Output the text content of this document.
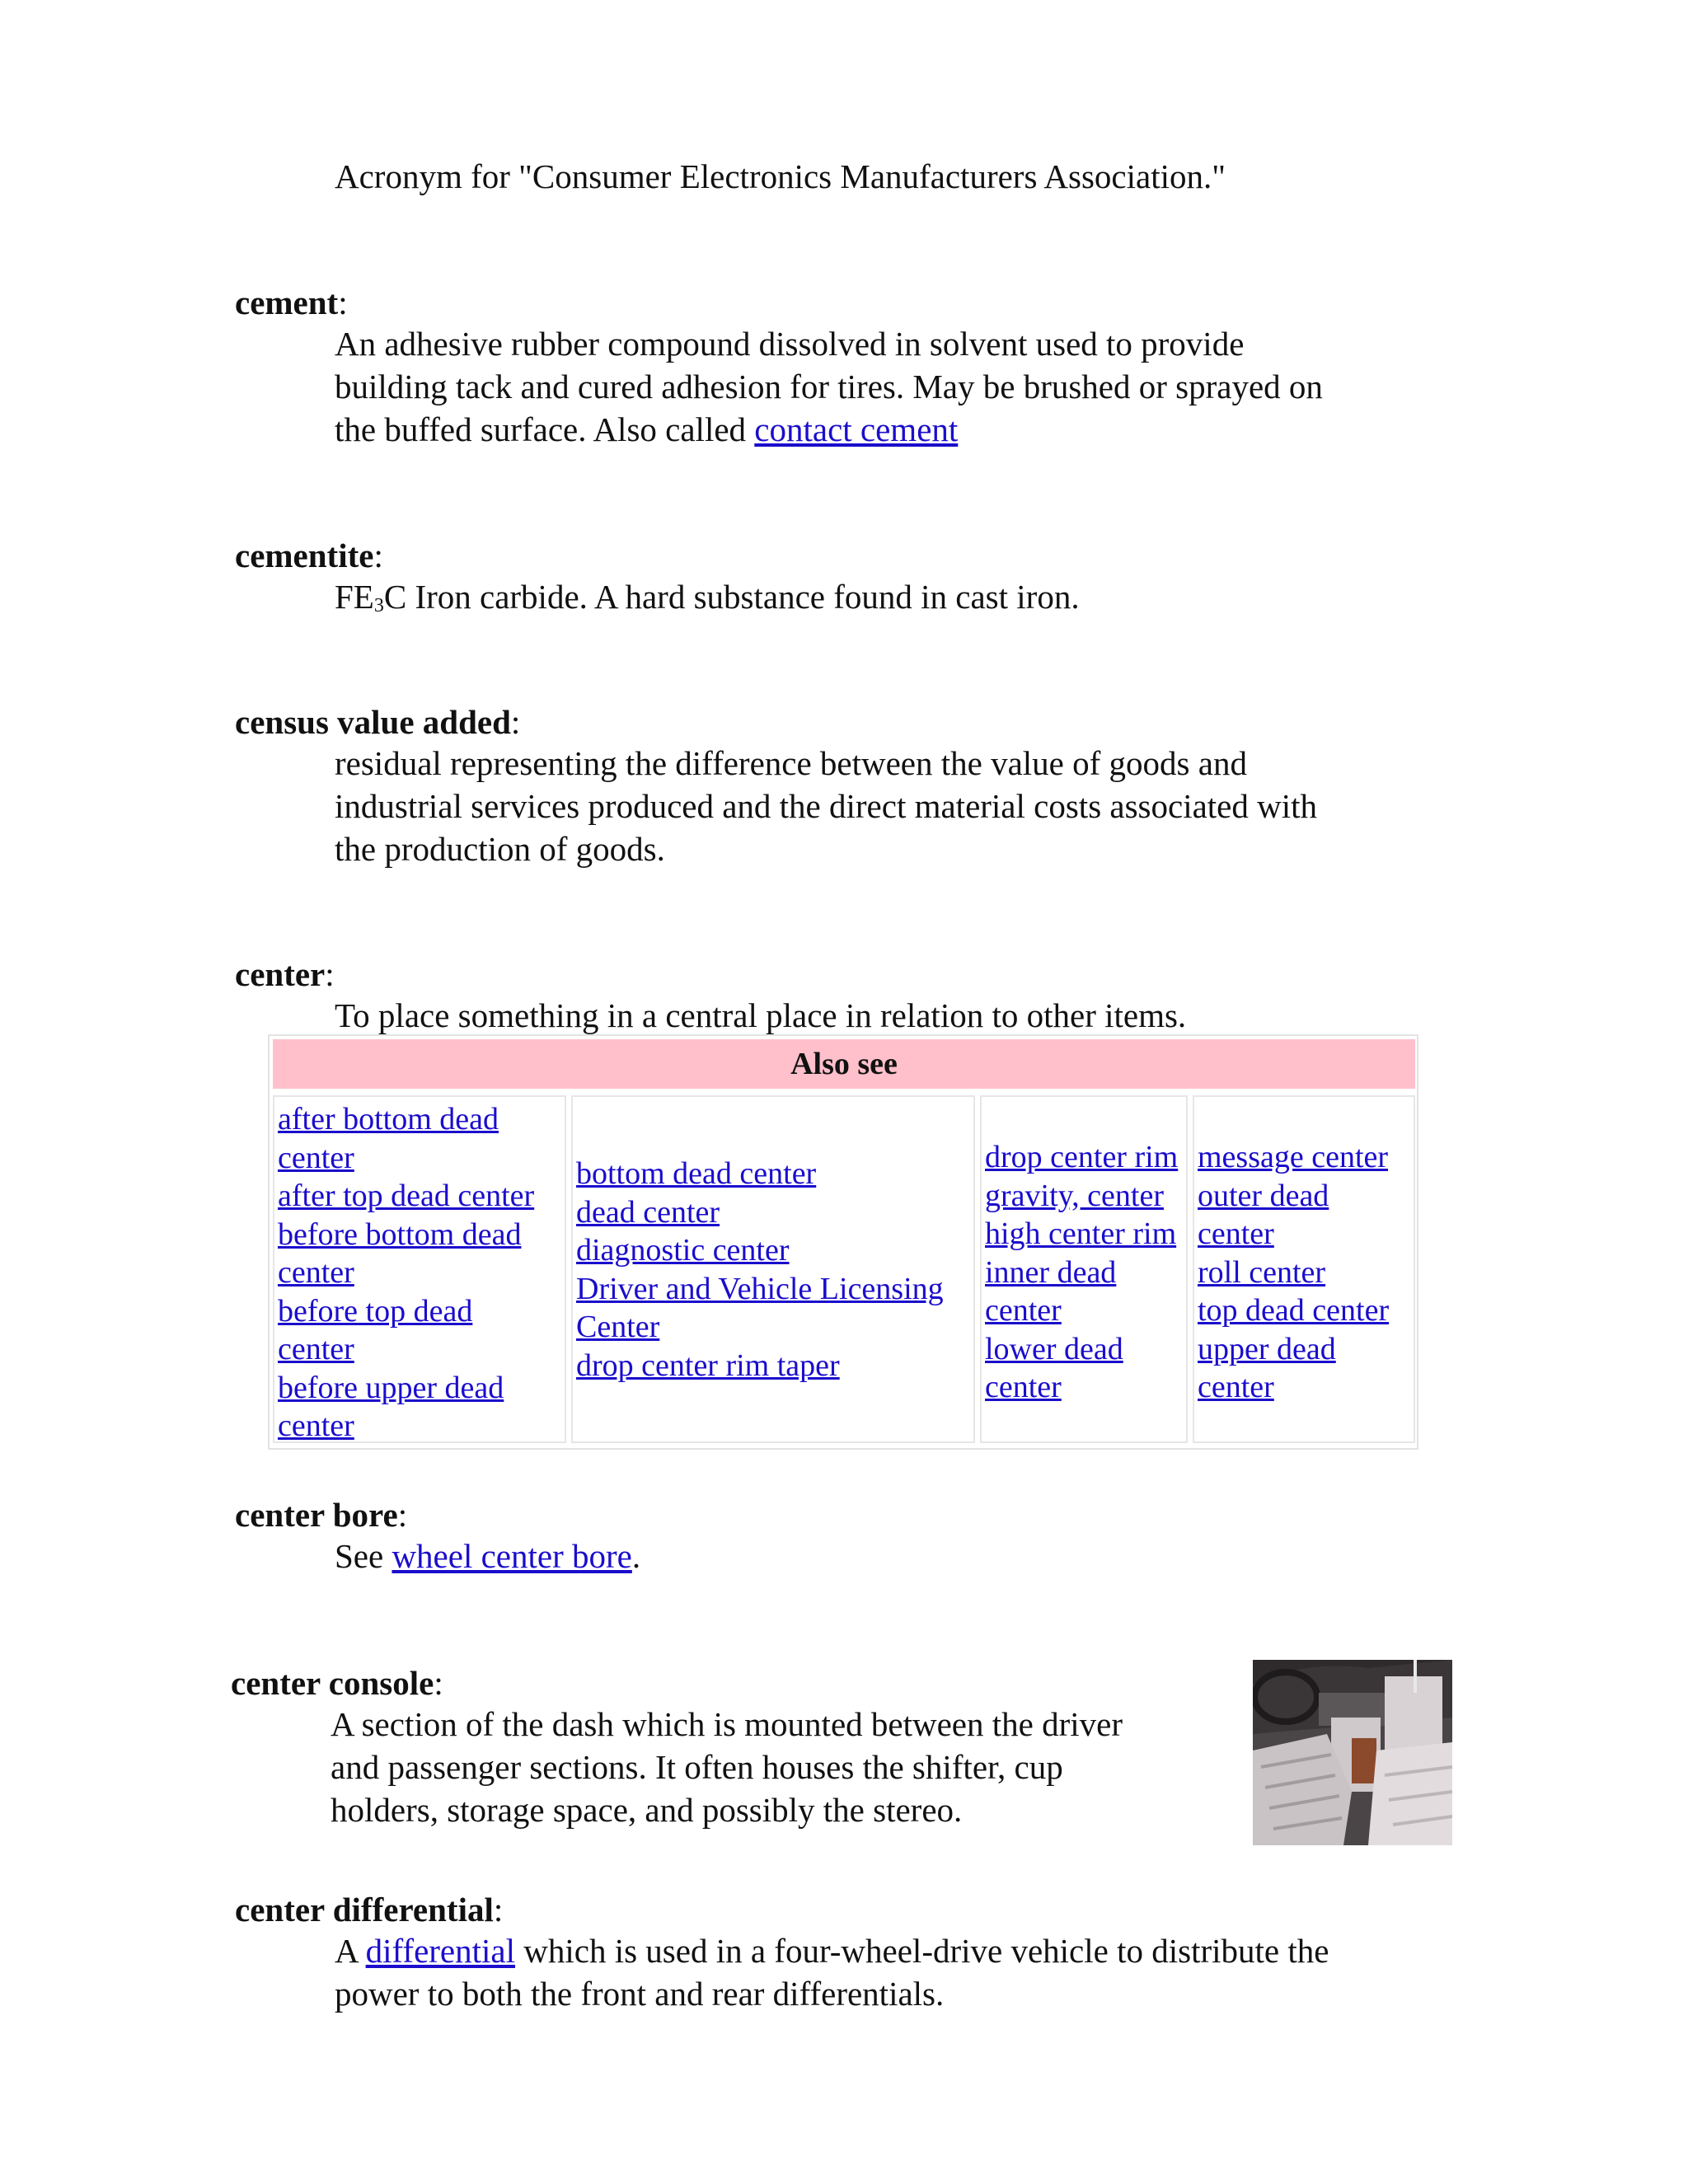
Acronym for "Consumer Electronics Manufacturers Association."
cement:
An adhesive rubber compound dissolved in solvent used to provide
building tack and cured adhesion for tires. May be brushed or sprayed on
the buffed surface. Also called contact cement
cementite:
$FE_3C$ Iron carbide. A hard substance found in cast iron.
census value added:
residual representing the difference between the value of goods and
industrial services produced and the direct material costs associated with
the production of goods.
center:
To place something in a central place in relation to other items.
Also see
after bottom dead
center
after top dead center
before bottom dead
center
before top dead
center
before upper dead
center
bottom dead center
dead center
diagnostic center
Driver and Vehicle Licensing
Center
drop center rim taper
drop center rim
gravity, center
high center rim
inner dead
center
lower dead
center
message center
outer dead
center
roll center
top dead center
upper dead
center
center bore:
See wheel center bore.
center console:
A section of the dash which is mounted between the driver
and passenger sections. It often houses the shifter, cup
holders, storage space, and possibly the stereo.
center differential:
A differential which is used in a four-wheel-drive vehicle to distribute the
power to both the front and rear differentials.
